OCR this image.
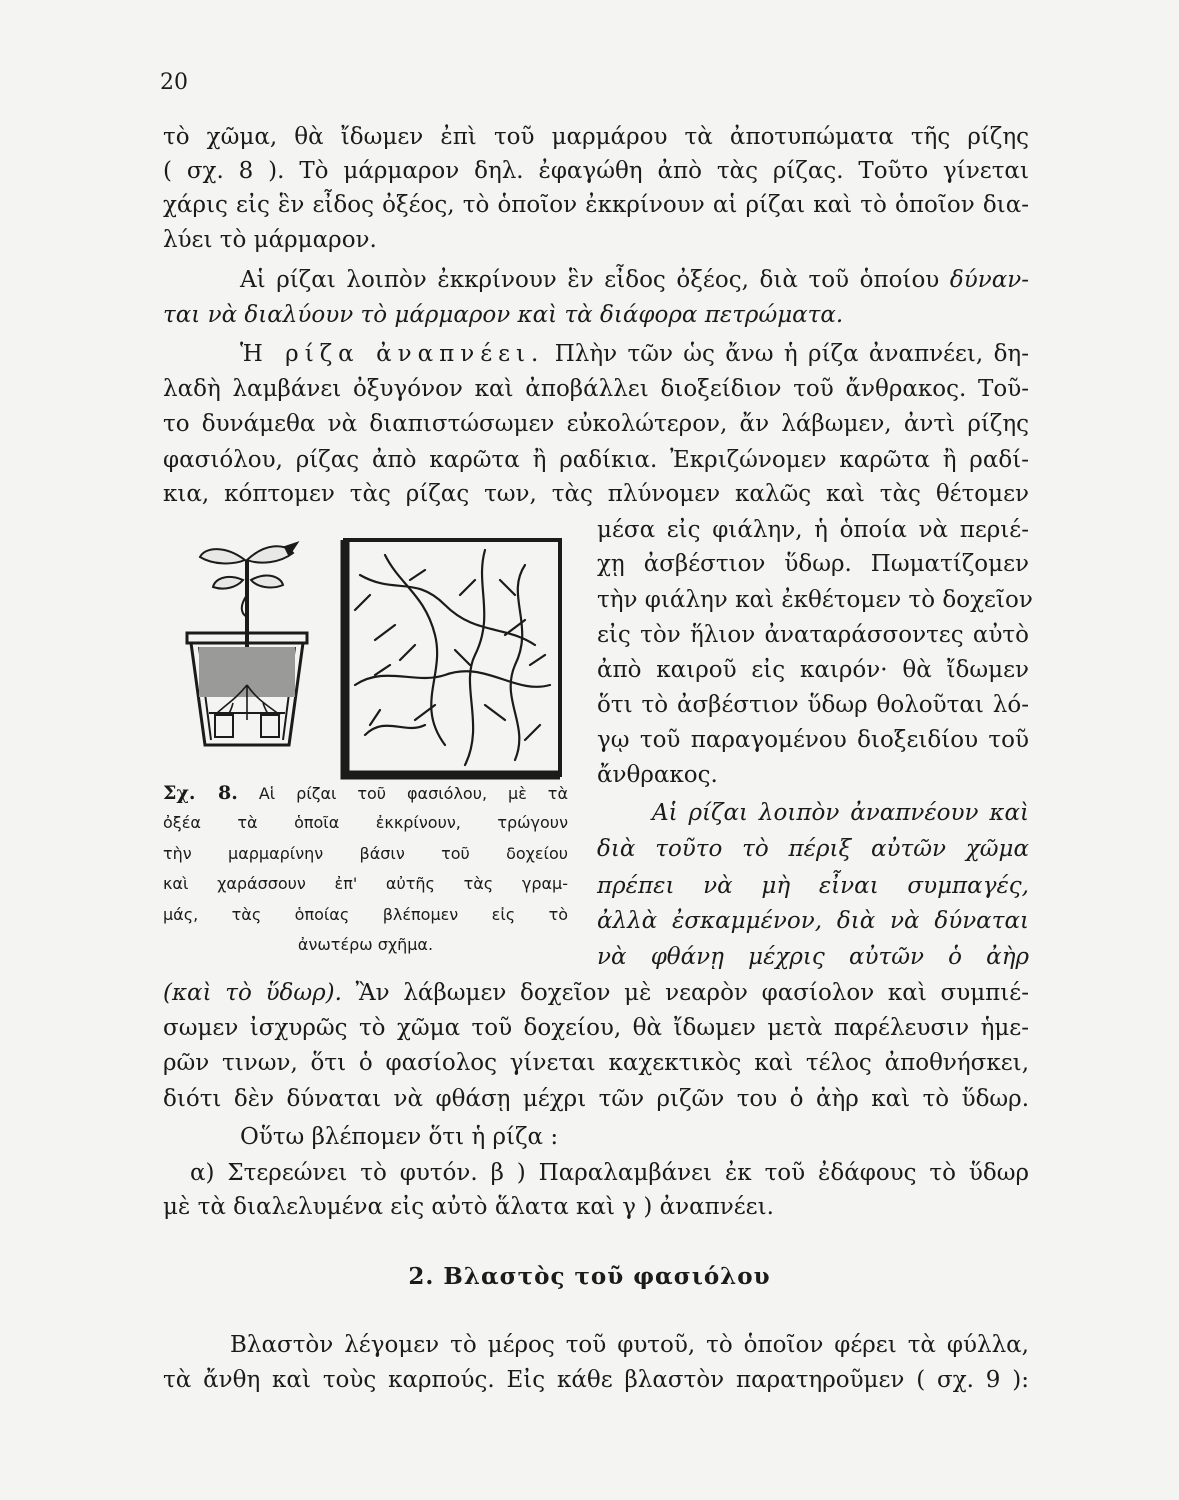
20
τὸ χῶμα, θὰ ἴδωμεν ἐπὶ τοῦ μαρμάρου τὰ ἀποτυπώματα τῆς ρίζης
( σχ. 8 ). Τὸ μάρμαρον δηλ. ἐφαγώθη ἀπὸ τὰς ρίζας. Τοῦτο γίνεται
χάρις εἰς ἓν εἶδος ὀξέος, τὸ ὁποῖον ἐκκρίνουν αἱ ρίζαι καὶ τὸ ὁποῖον δια-
λύει τὸ μάρμαρον.
Αἱ ρίζαι λοιπὸν ἐκκρίνουν ἓν εἶδος ὀξέος, διὰ τοῦ ὁποίου δύναν-
ται νὰ διαλύουν τὸ μάρμαρον καὶ τὰ διάφορα πετρώματα.
Ἡ ρίζα ἀναπνέει. Πλὴν τῶν ὡς ἄνω ἡ ρίζα ἀναπνέει, δη-
λαδὴ λαμβάνει ὀξυγόνον καὶ ἀποβάλλει διοξείδιον τοῦ ἄνθρακος. Τοῦ-
το δυνάμεθα νὰ διαπιστώσωμεν εὐκολώτερον, ἄν λάβωμεν, ἀντὶ ρίζης
φασιόλου, ρίζας ἀπὸ καρῶτα ἢ ραδίκια. Ἐκριζώνομεν καρῶτα ἢ ραδί-
κια, κόπτομεν τὰς ρίζας των, τὰς πλύνομεν καλῶς καὶ τὰς θέτομεν
μέσα εἰς φιάλην, ἡ ὁποία νὰ περιέ-
χῃ ἀσβέστιον ὕδωρ. Πωματίζομεν
τὴν φιάλην καὶ ἐκθέτομεν τὸ δοχεῖον
εἰς τὸν ἥλιον ἀναταράσσοντες αὐτὸ
ἀπὸ καιροῦ εἰς καιρόν· θὰ ἴδωμεν
ὅτι τὸ ἀσβέστιον ὕδωρ θολοῦται λό-
γῳ τοῦ παραγομένου διοξειδίου τοῦ
ἄνθρακος.
Αἱ ρίζαι λοιπὸν ἀναπνέουν καὶ
διὰ τοῦτο τὸ πέριξ αὐτῶν χῶμα
πρέπει νὰ μὴ εἶναι συμπαγές,
ἀλλὰ ἐσκαμμένον, διὰ νὰ δύναται
νὰ φθάνῃ μέχρις αὐτῶν ὁ ἀὴρ
Σχ. 8. Αἱ ρίζαι τοῦ φασιόλου, μὲ τὰ
ὀξέα τὰ ὁποῖα ἐκκρίνουν, τρώγουν
τὴν μαρμαρίνην βάσιν τοῦ δοχείου
καὶ χαράσσουν ἐπ' αὐτῆς τὰς γραμ-
μάς, τὰς ὁποίας βλέπομεν εἰς τὸ
ἀνωτέρω σχῆμα.
(καὶ τὸ ὕδωρ). Ἂν λάβωμεν δοχεῖον μὲ νεαρὸν φασίολον καὶ συμπιέ-
σωμεν ἰσχυρῶς τὸ χῶμα τοῦ δοχείου, θὰ ἴδωμεν μετὰ παρέλευσιν ἡμε-
ρῶν τινων, ὅτι ὁ φασίολος γίνεται καχεκτικὸς καὶ τέλος ἀποθνήσκει,
διότι δὲν δύναται νὰ φθάσῃ μέχρι τῶν ριζῶν του ὁ ἀὴρ καὶ τὸ ὕδωρ.
Οὕτω βλέπομεν ὅτι ἡ ρίζα :
α) Στερεώνει τὸ φυτόν. β ) Παραλαμβάνει ἐκ τοῦ ἐδάφους τὸ ὕδωρ
μὲ τὰ διαλελυμένα εἰς αὐτὸ ἅλατα καὶ γ ) ἀναπνέει.
2. Βλαστὸς τοῦ φασιόλου
Βλαστὸν λέγομεν τὸ μέρος τοῦ φυτοῦ, τὸ ὁποῖον φέρει τὰ φύλλα,
τὰ ἄνθη καὶ τοὺς καρπούς. Εἰς κάθε βλαστὸν παρατηροῦμεν ( σχ. 9 ):
